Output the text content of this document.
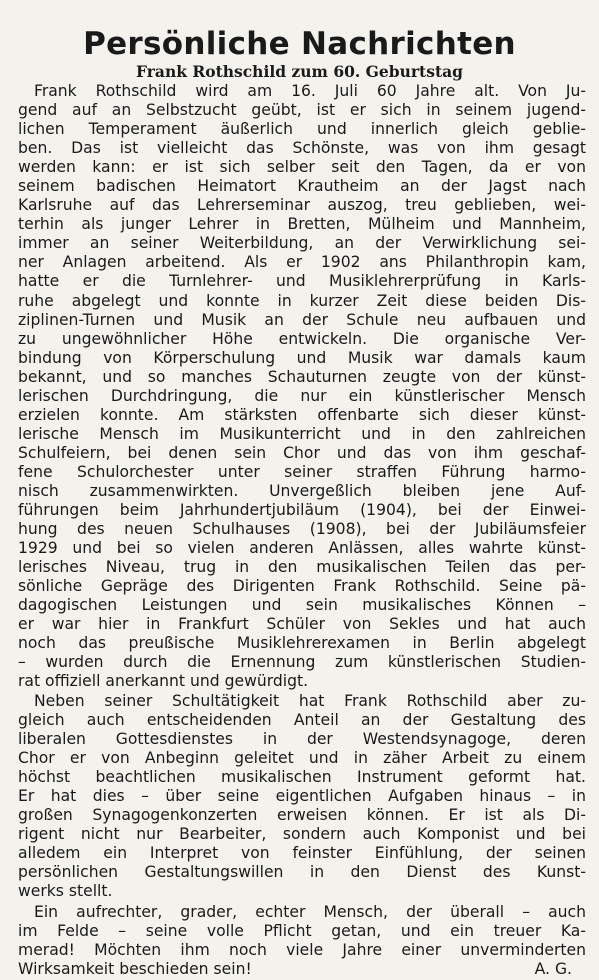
Persönliche Nachrichten
Frank Rothschild zum 60. Geburtstag
Frank Rothschild wird am 16. Juli 60 Jahre alt. Von Ju-
gend auf an Selbstzucht geübt, ist er sich in seinem jugend-
lichen Temperament äußerlich und innerlich gleich geblie-
ben. Das ist vielleicht das Schönste, was von ihm gesagt
werden kann: er ist sich selber seit den Tagen, da er von
seinem badischen Heimatort Krautheim an der Jagst nach
Karlsruhe auf das Lehrerseminar auszog, treu geblieben, wei-
terhin als junger Lehrer in Bretten, Mülheim und Mannheim,
immer an seiner Weiterbildung, an der Verwirklichung sei-
ner Anlagen arbeitend. Als er 1902 ans Philanthropin kam,
hatte er die Turnlehrer- und Musiklehrerprüfung in Karls-
ruhe abgelegt und konnte in kurzer Zeit diese beiden Dis-
ziplinen-Turnen und Musik an der Schule neu aufbauen und
zu ungewöhnlicher Höhe entwickeln. Die organische Ver-
bindung von Körperschulung und Musik war damals kaum
bekannt, und so manches Schauturnen zeugte von der künst-
lerischen Durchdringung, die nur ein künstlerischer Mensch
erzielen konnte. Am stärksten offenbarte sich dieser künst-
lerische Mensch im Musikunterricht und in den zahlreichen
Schulfeiern, bei denen sein Chor und das von ihm geschaf-
fene Schulorchester unter seiner straffen Führung harmo-
nisch zusammenwirkten. Unvergeßlich bleiben jene Auf-
führungen beim Jahrhundertjubiläum (1904), bei der Einwei-
hung des neuen Schulhauses (1908), bei der Jubiläumsfeier
1929 und bei so vielen anderen Anlässen, alles wahrte künst-
lerisches Niveau, trug in den musikalischen Teilen das per-
sönliche Gepräge des Dirigenten Frank Rothschild. Seine pä-
dagogischen Leistungen und sein musikalisches Können –
er war hier in Frankfurt Schüler von Sekles und hat auch
noch das preußische Musiklehrerexamen in Berlin abgelegt
– wurden durch die Ernennung zum künstlerischen Studien-
rat offiziell anerkannt und gewürdigt.
Neben seiner Schultätigkeit hat Frank Rothschild aber zu-
gleich auch entscheidenden Anteil an der Gestaltung des
liberalen Gottesdienstes in der Westendsynagoge, deren
Chor er von Anbeginn geleitet und in zäher Arbeit zu einem
höchst beachtlichen musikalischen Instrument geformt hat.
Er hat dies – über seine eigentlichen Aufgaben hinaus – in
großen Synagogenkonzerten erweisen können. Er ist als Di-
rigent nicht nur Bearbeiter, sondern auch Komponist und bei
alledem ein Interpret von feinster Einfühlung, der seinen
persönlichen Gestaltungswillen in den Dienst des Kunst-
werks stellt.
Ein aufrechter, grader, echter Mensch, der überall – auch
im Felde – seine volle Pflicht getan, und ein treuer Ka-
merad! Möchten ihm noch viele Jahre einer unverminderten
Wirksamkeit beschieden sein!	A. G.
